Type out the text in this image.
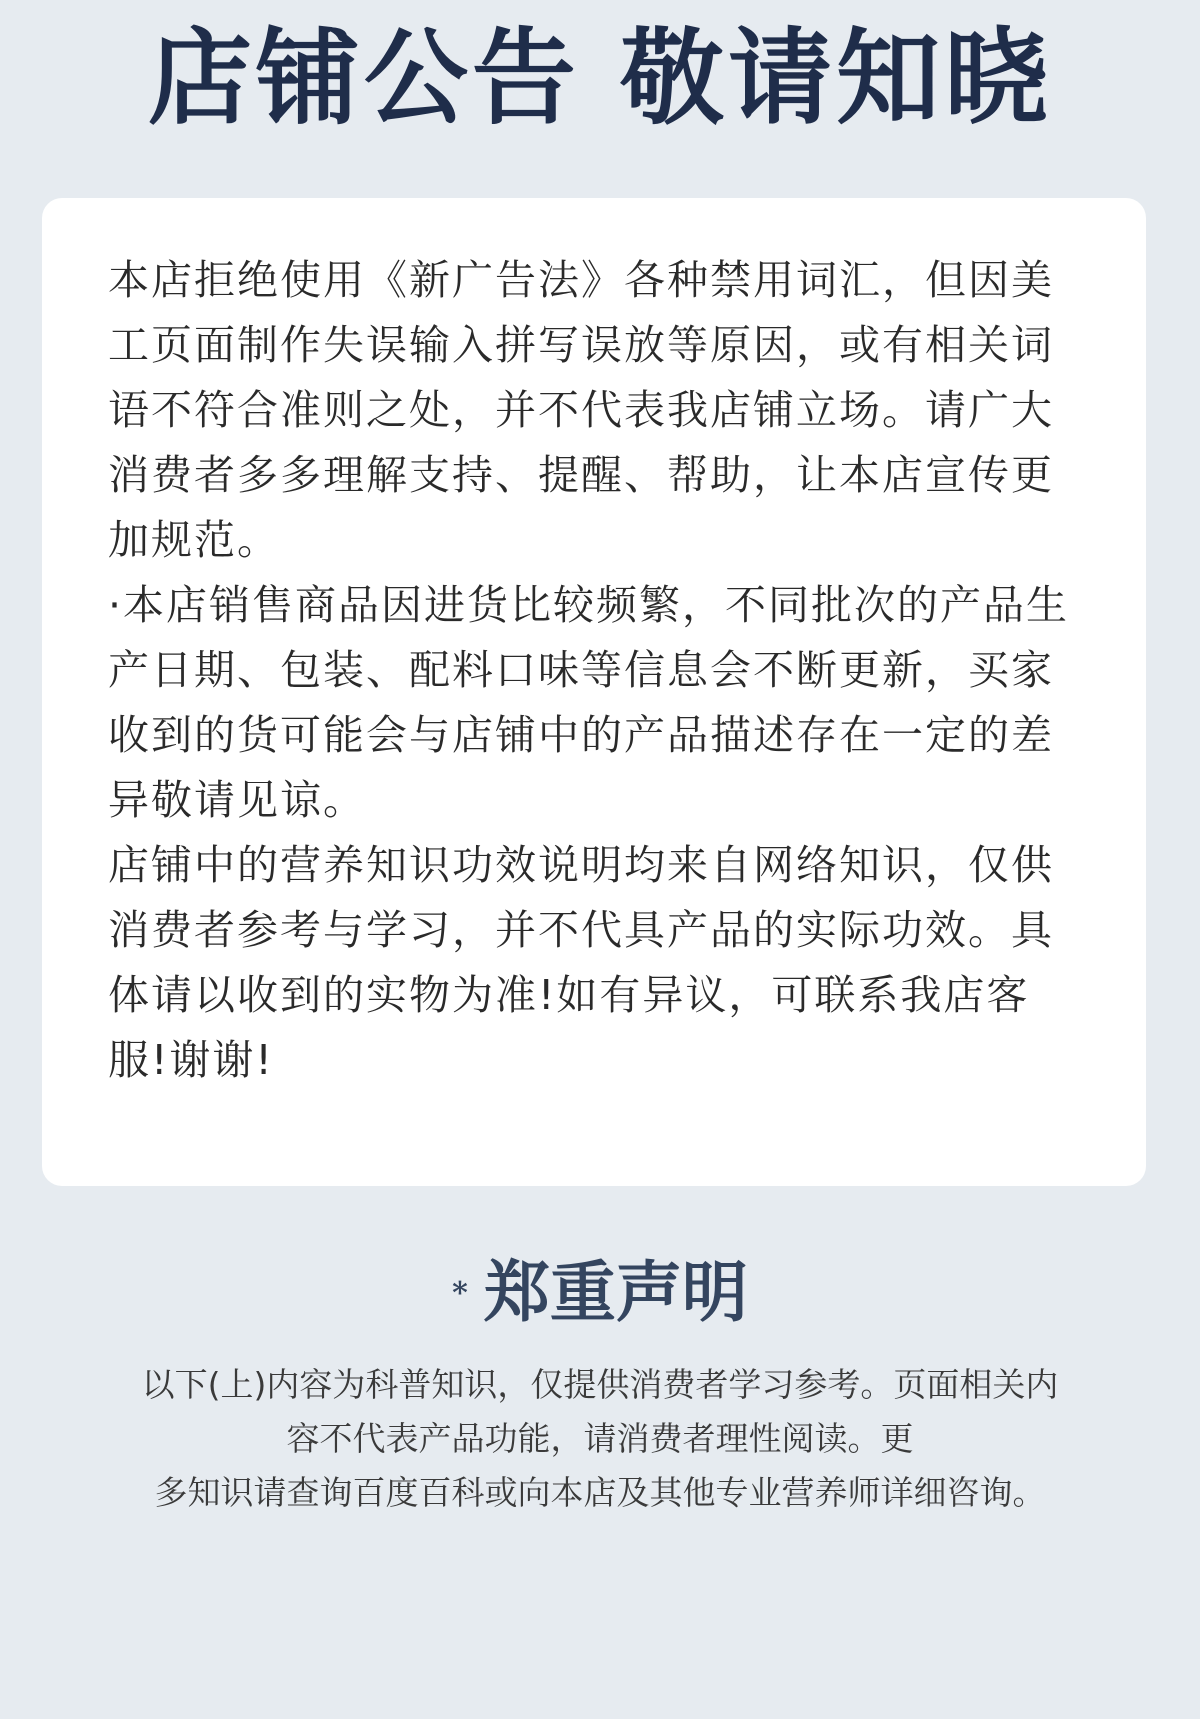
店铺公告 敬请知晓

本店拒绝使用《新广告法》各种禁用词汇，但因美工页面制作失误输入拼写误放等原因，或有相关词语不符合准则之处，并不代表我店铺立场。请广大消费者多多理解支持、提醒、帮助，让本店宣传更加规范。

·本店销售商品因进货比较频繁，不同批次的产品生产日期、包装、配料口味等信息会不断更新，买家收到的货可能会与店铺中的产品描述存在一定的差异敬请见谅。

店铺中的营养知识功效说明均来自网络知识，仅供消费者参考与学习，并不代具产品的实际功效。具体请以收到的实物为准!如有异议，可联系我店客服!谢谢!

* 郑重声明
以下(上)内容为科普知识，仅提供消费者学习参考。页面相关内
容不代表产品功能，请消费者理性阅读。更
多知识请查询百度百科或向本店及其他专业营养师详细咨询。
